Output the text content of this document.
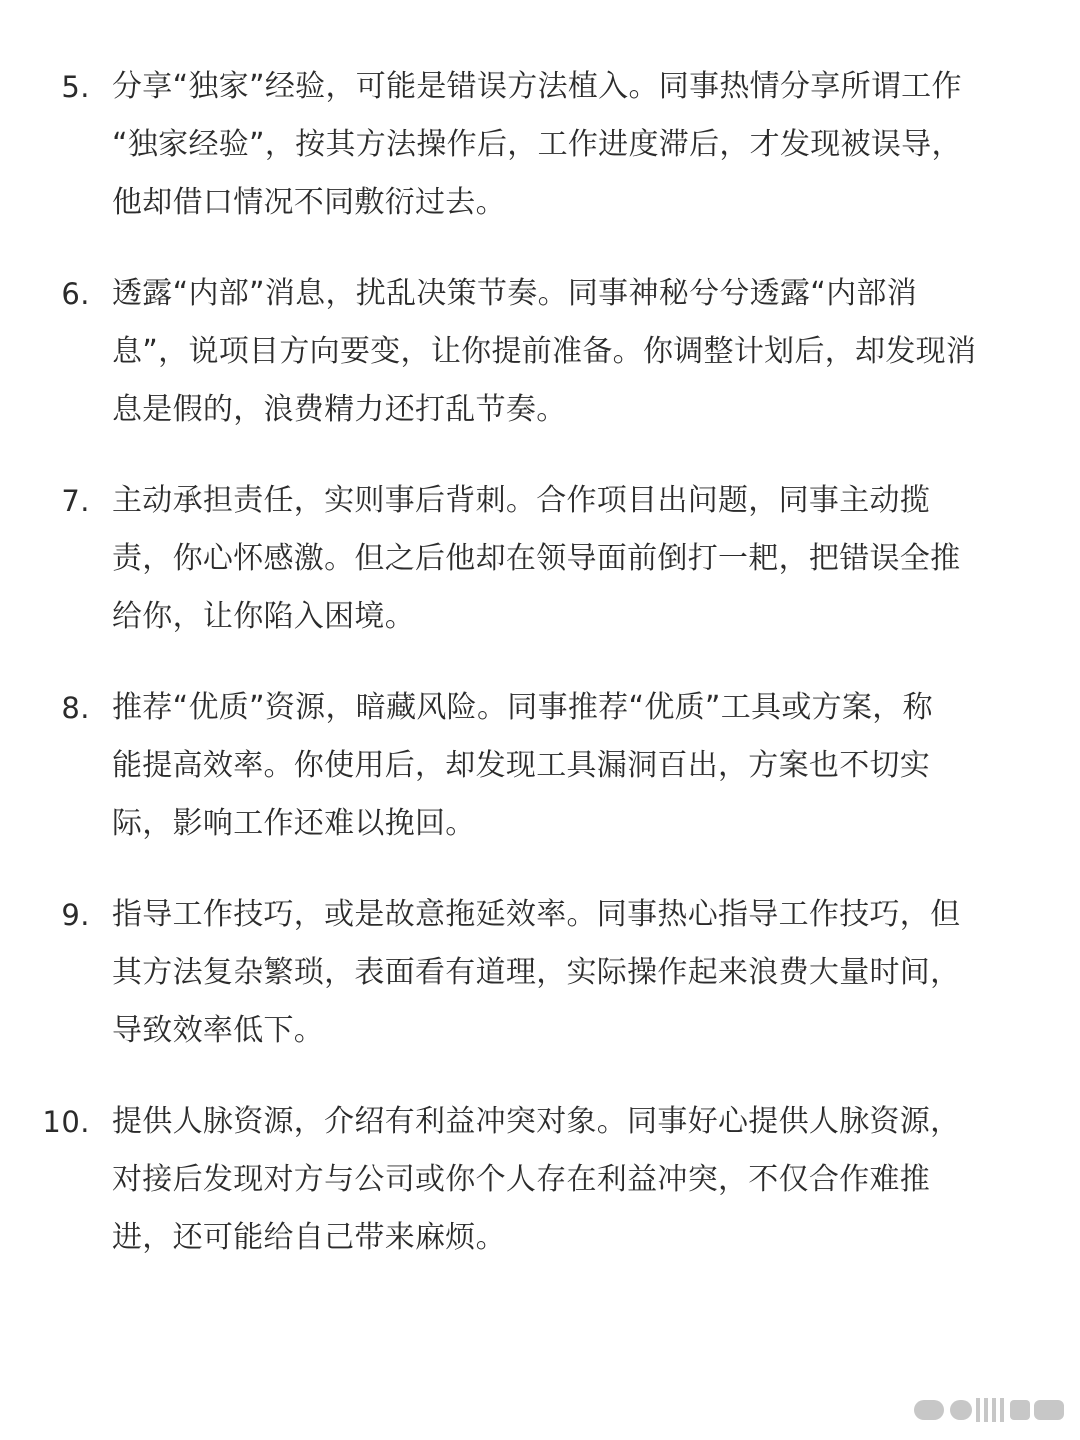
5. 分享“独家”经验，可能是错误方法植入。同事热情分享所谓工作
“独家经验”，按其方法操作后，工作进度滞后，才发现被误导，
他却借口情况不同敷衍过去。
6. 透露“内部”消息，扰乱决策节奏。同事神秘兮兮透露“内部消
息”，说项目方向要变，让你提前准备。你调整计划后，却发现消
息是假的，浪费精力还打乱节奏。
7. 主动承担责任，实则事后背刺。合作项目出问题，同事主动揽
责，你心怀感激。但之后他却在领导面前倒打一耙，把错误全推
给你，让你陷入困境。
8. 推荐“优质”资源，暗藏风险。同事推荐“优质”工具或方案，称
能提高效率。你使用后，却发现工具漏洞百出，方案也不切实
际，影响工作还难以挽回。
9. 指导工作技巧，或是故意拖延效率。同事热心指导工作技巧，但
其方法复杂繁琐，表面看有道理，实际操作起来浪费大量时间，
导致效率低下。
10. 提供人脉资源，介绍有利益冲突对象。同事好心提供人脉资源，
对接后发现对方与公司或你个人存在利益冲突，不仅合作难推
进，还可能给自己带来麻烦。
